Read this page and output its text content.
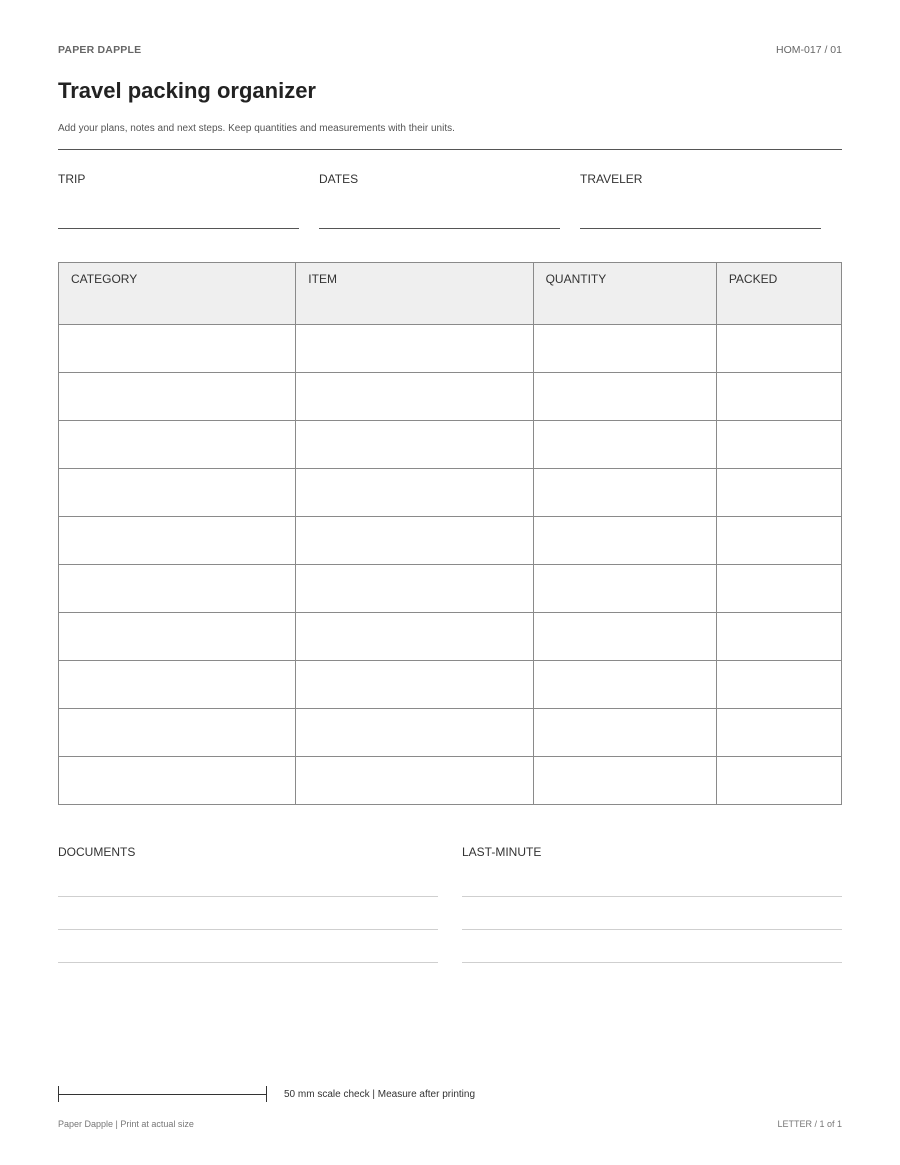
PAPER DAPPLE	HOM-017 / 01
Travel packing organizer
Add your plans, notes and next steps. Keep quantities and measurements with their units.
TRIP	DATES	TRAVELER
CATEGORY	ITEM	QUANTITY	PACKED

DOCUMENTS	LAST-MINUTE
50 mm scale check | Measure after printing
Paper Dapple | Print at actual size	LETTER / 1 of 1
